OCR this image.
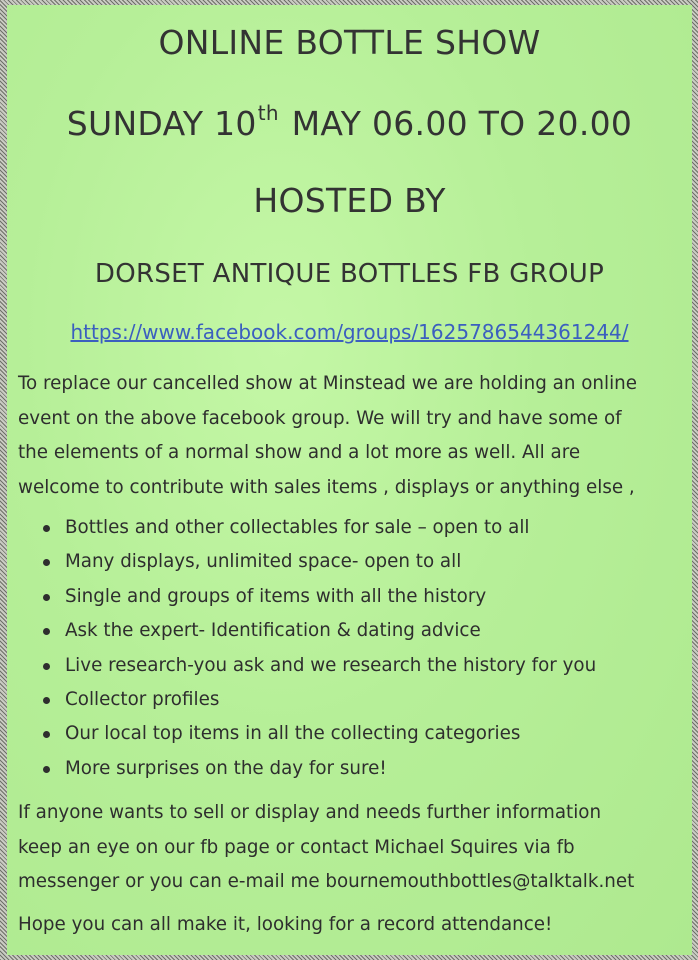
ONLINE BOTTLE SHOW
SUNDAY 10th MAY 06.00 TO 20.00
HOSTED BY
DORSET ANTIQUE BOTTLES FB GROUP
https://www.facebook.com/groups/1625786544361244/
To replace our cancelled show at Minstead we are holding an online
event on the above facebook group. We will try and have some of
the elements of a normal show and a lot more as well. All are
welcome to contribute with sales items , displays or anything else ,
Bottles and other collectables for sale – open to all
Many displays, unlimited space- open to all
Single and groups of items with all the history
Ask the expert- Identification & dating advice
Live research-you ask and we research the history for you
Collector profiles
Our local top items in all the collecting categories
More surprises on the day for sure!
If anyone wants to sell or display and needs further information
keep an eye on our fb page or contact Michael Squires via fb
messenger or you can e-mail me bournemouthbottles@talktalk.net
Hope you can all make it, looking for a record attendance!
